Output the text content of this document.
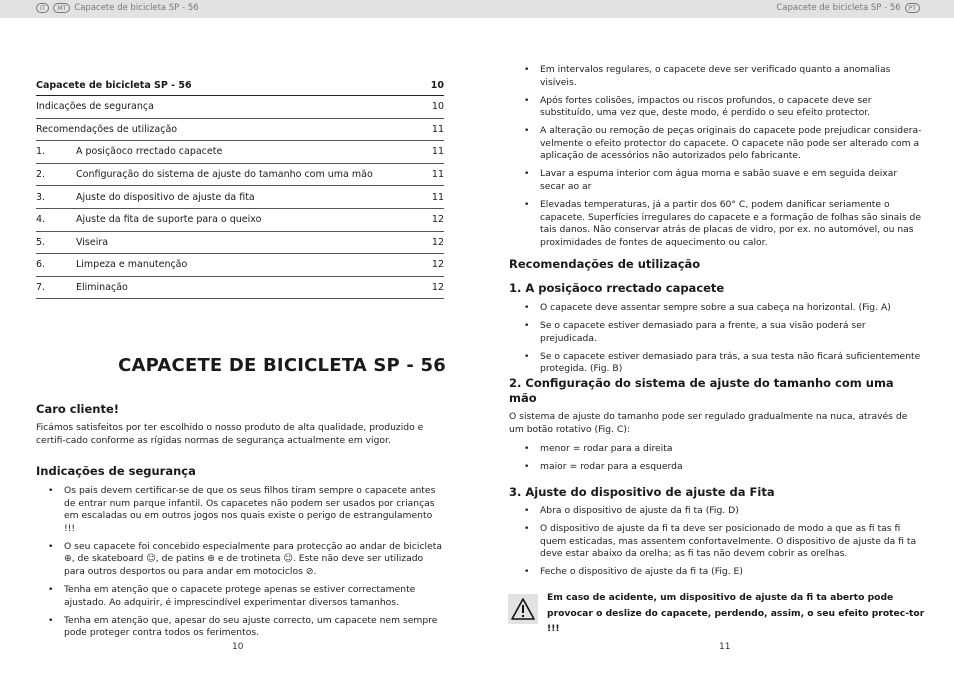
IT	MT Capacete de bicicleta SP - 56	Capacete de bicicleta SP - 56	PT
Capacete de bicicleta SP - 56	10
Indicações de segurança	10
Recomendações de utilização	11
1.	A posiçãoco rrectado capacete	11
2.	Configuração do sistema de ajuste do tamanho com uma mão	11
3.	Ajuste do dispositivo de ajuste da fita	11
4.	Ajuste da fita de suporte para o queixo	12
5.	Viseira	12
6.	Limpeza e manutenção	12
7.	Eliminação	12
CAPACETE DE BICICLETA SP - 56
Caro cliente!
Ficámos satisfeitos por ter escolhido o nosso produto de alta qualidade, produzido e certifi-cado conforme as rígidas normas de segurança actualmente em vigor.
Indicações de segurança
• Os pais devem certificar-se de que os seus filhos tiram sempre o capacete antes de entrar num parque infantil. Os capacetes não podem ser usados por crianças em escaladas ou em outros jogos nos quais existe o perigo de estrangulamento !!!
• O seu capacete foi concebido especialmente para protecção ao andar de bicicleta ⊕, de skateboard ☺, de patins ⊛ e de trotineta ☺. Este não deve ser utilizado para outros desportos ou para andar em motociclos ⊘.
• Tenha em atenção que o capacete protege apenas se estiver correctamente ajustado. Ao adquirir, é imprescindível experimentar diversos tamanhos.
• Tenha em atenção que, apesar do seu ajuste correcto, um capacete nem sempre pode proteger contra todos os ferimentos.
10
• Em intervalos regulares, o capacete deve ser verificado quanto a anomalias visíveis.
• Após fortes colisões, impactos ou riscos profundos, o capacete deve ser substituído, uma vez que, deste modo, é perdido o seu efeito protector.
• A alteração ou remoção de peças originais do capacete pode prejudicar considera-velmente o efeito protector do capacete. O capacete não pode ser alterado com a aplicação de acessórios não autorizados pelo fabricante.
• Lavar a espuma interior com água morna e sabão suave e em seguida deixar secar ao ar
• Elevadas temperaturas, já a partir dos 60° C, podem danificar seriamente o capacete. Superfícies irregulares do capacete e a formação de folhas são sinais de tais danos. Não conservar atrás de placas de vidro, por ex. no automóvel, ou nas proximidades de fontes de aquecimento ou calor.
Recomendações de utilização
1. A posiçãoco rrectado capacete
• O capacete deve assentar sempre sobre a sua cabeça na horizontal. (Fig. A)
• Se o capacete estiver demasiado para a frente, a sua visão poderá ser prejudicada.
• Se o capacete estiver demasiado para trás, a sua testa não ficará suficientemente protegida. (Fig. B)
2. Configuração do sistema de ajuste do tamanho com uma mão
O sistema de ajuste do tamanho pode ser regulado gradualmente na nuca, através de um botão rotativo (Fig. C):
• menor = rodar para a direita
• maior = rodar para a esquerda
3. Ajuste do dispositivo de ajuste da Fita
• Abra o dispositivo de ajuste da fi ta (Fig. D)
• O dispositivo de ajuste da fi ta deve ser posicionado de modo a que as fi tas fi quem esticadas, mas assentem confortavelmente. O dispositivo de ajuste da fi ta deve estar abaixo da orelha; as fi tas não devem cobrir as orelhas.
• Feche o dispositivo de ajuste da fi ta (Fig. E)
Em caso de acidente, um dispositivo de ajuste da fi ta aberto pode provocar o deslize do capacete, perdendo, assim, o seu efeito protec-tor !!!
11
